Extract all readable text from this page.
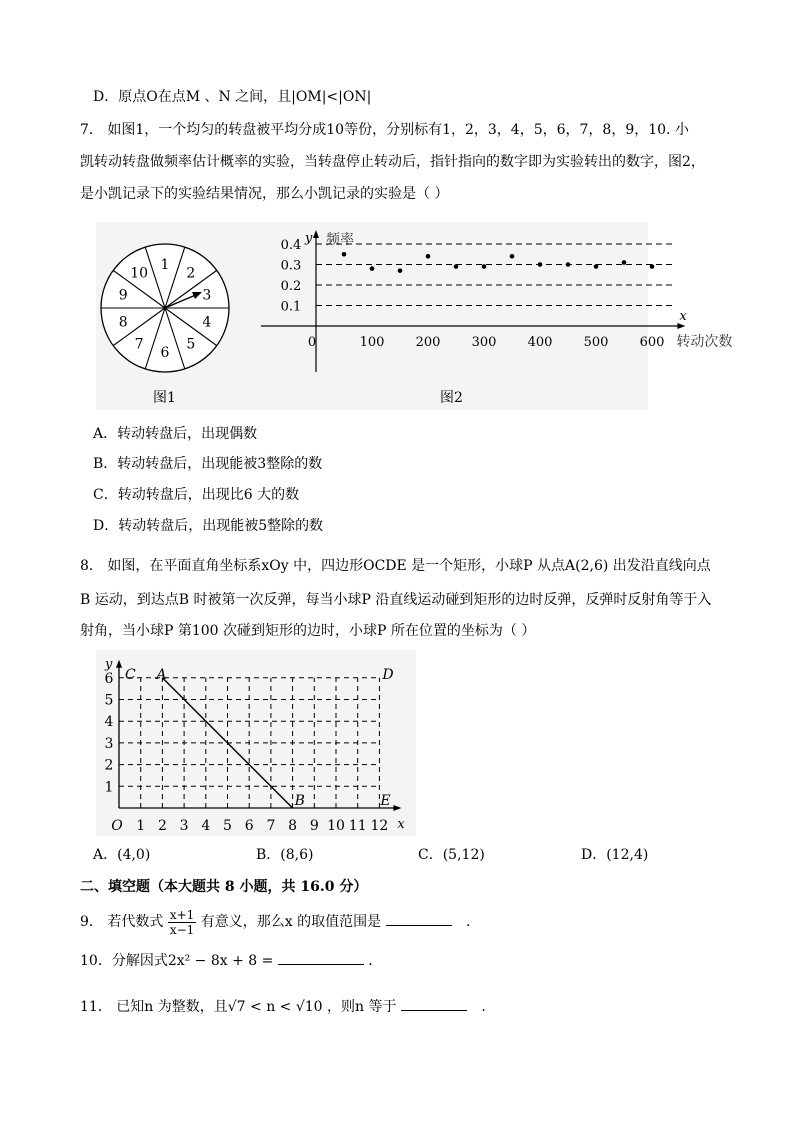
D．原点O在点M 、N 之间，且|OM|<|ON|
7． 如图1，一个均匀的转盘被平均分成10等份，分别标有1，2，3，4，5，6，7，8，9，10. 小
凯转动转盘做频率估计概率的实验，当转盘停止转动后，指针指向的数字即为实验转出的数字，图2，
是小凯记录下的实验结果情况，那么小凯记录的实验是（ ）
1
2
3
4
5
6
7
8
9
10
图1
x
y 频率
0.1
0.2
0.3
0.4
100 200 300 400 500 600
0	转动次数
图2
A．转动转盘后，出现偶数
B．转动转盘后，出现能被3整除的数
C．转动转盘后，出现比6 大的数
D．转动转盘后，出现能被5整除的数
8． 如图，在平面直角坐标系xOy 中，四边形OCDE 是一个矩形，小球P 从点A(2,6) 出发沿直线向点
B 运动，到达点B 时被第一次反弹，每当小球P 沿直线运动碰到矩形的边时反弹，反弹时反射角等于入
射角，当小球P 第100 次碰到矩形的边时，小球P 所在位置的坐标为（ ）
y
x
1 2 3 4 5 6 7 8 9 10 11 12
1
2
3
4
5
6
O
C A	D
B	E
A．(4,0)	B．(8,6)	C．(5,12)	D．(12,4)
二、填空题（本大题共 8 小题，共 16.0 分）
9． 若代数式 $\frac{x+1}{x-1}$ 有意义，那么x 的取值范围是	.
10．分解因式2x² − 8x + 8 =	.
11． 已知n 为整数，且√7 < n < √10 ，则n 等于	.
